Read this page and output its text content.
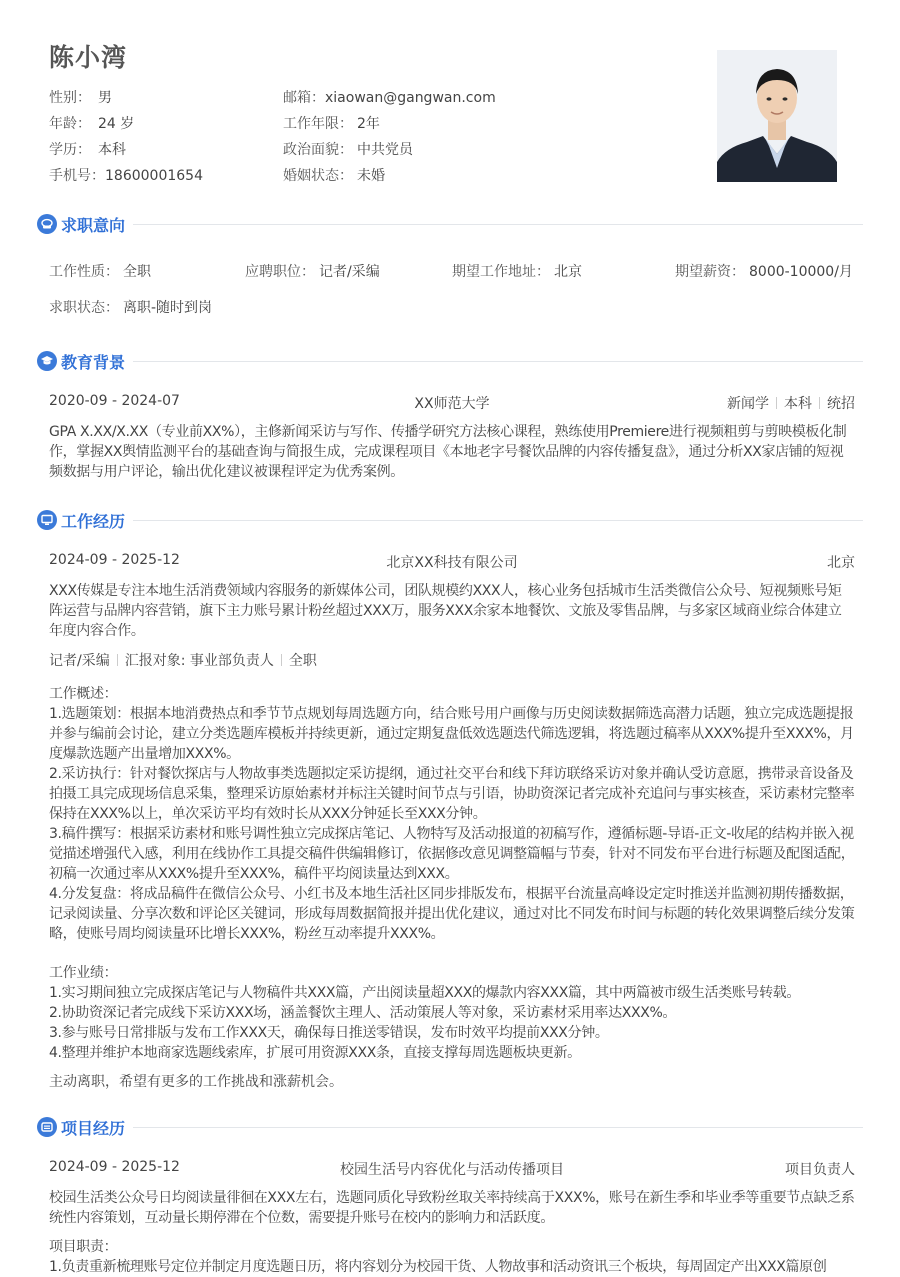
陈小湾
性别： 男
年龄： 24 岁
学历： 本科
手机号：18600001654
邮箱：xiaowan@gangwan.com
工作年限： 2年
政治面貌： 中共党员
婚姻状态： 未婚
求职意向
工作性质： 全职	应聘职位： 记者/采编	期望工作地址： 北京	期望薪资： 8000-10000/月
求职状态： 离职-随时到岗
教育背景
2020-09 - 2024-07	XX师范大学	新闻学 本科 统招
GPA X.XX/X.XX（专业前XX%），主修新闻采访与写作、传播学研究方法核心课程，熟练使用Premiere进行视频粗剪与剪映模板化制作，掌握XX舆情监测平台的基础查询与简报生成，完成课程项目《本地老字号餐饮品牌的内容传播复盘》，通过分析XX家店铺的短视频数据与用户评论，输出优化建议被课程评定为优秀案例。
工作经历
2024-09 - 2025-12	北京XX科技有限公司	北京
XXX传媒是专注本地生活消费领域内容服务的新媒体公司，团队规模约XXX人，核心业务包括城市生活类微信公众号、短视频账号矩阵运营与品牌内容营销，旗下主力账号累计粉丝超过XXX万，服务XXX余家本地餐饮、文旅及零售品牌，与多家区域商业综合体建立年度内容合作。
记者/采编 汇报对象: 事业部负责人 全职
工作概述：
1.选题策划：根据本地消费热点和季节节点规划每周选题方向，结合账号用户画像与历史阅读数据筛选高潜力话题，独立完成选题提报并参与编前会讨论，建立分类选题库模板并持续更新，通过定期复盘低效选题迭代筛选逻辑，将选题过稿率从XXX%提升至XXX%，月度爆款选题产出量增加XXX%。
2.采访执行：针对餐饮探店与人物故事类选题拟定采访提纲，通过社交平台和线下拜访联络采访对象并确认受访意愿，携带录音设备及拍摄工具完成现场信息采集，整理采访原始素材并标注关键时间节点与引语，协助资深记者完成补充追问与事实核查，采访素材完整率保持在XXX%以上，单次采访平均有效时长从XXX分钟延长至XXX分钟。
3.稿件撰写：根据采访素材和账号调性独立完成探店笔记、人物特写及活动报道的初稿写作，遵循标题-导语-正文-收尾的结构并嵌入视觉描述增强代入感，利用在线协作工具提交稿件供编辑修订，依据修改意见调整篇幅与节奏，针对不同发布平台进行标题及配图适配，初稿一次通过率从XXX%提升至XXX%，稿件平均阅读量达到XXX。
4.分发复盘：将成品稿件在微信公众号、小红书及本地生活社区同步排版发布，根据平台流量高峰设定定时推送并监测初期传播数据，记录阅读量、分享次数和评论区关键词，形成每周数据简报并提出优化建议，通过对比不同发布时间与标题的转化效果调整后续分发策略，使账号周均阅读量环比增长XXX%，粉丝互动率提升XXX%。
工作业绩：
1.实习期间独立完成探店笔记与人物稿件共XXX篇，产出阅读量超XXX的爆款内容XXX篇，其中两篇被市级生活类账号转载。
2.协助资深记者完成线下采访XXX场，涵盖餐饮主理人、活动策展人等对象，采访素材采用率达XXX%。
3.参与账号日常排版与发布工作XXX天，确保每日推送零错误，发布时效平均提前XXX分钟。
4.整理并维护本地商家选题线索库，扩展可用资源XXX条，直接支撑每周选题板块更新。
主动离职，希望有更多的工作挑战和涨薪机会。
项目经历
2024-09 - 2025-12	校园生活号内容优化与活动传播项目	项目负责人
校园生活类公众号日均阅读量徘徊在XXX左右，选题同质化导致粉丝取关率持续高于XXX%，账号在新生季和毕业季等重要节点缺乏系统性内容策划，互动量长期停滞在个位数，需要提升账号在校内的影响力和活跃度。
项目职责：
1.负责重新梳理账号定位并制定月度选题日历，将内容划分为校园干货、人物故事和活动资讯三个板块，每周固定产出XXX篇原创
